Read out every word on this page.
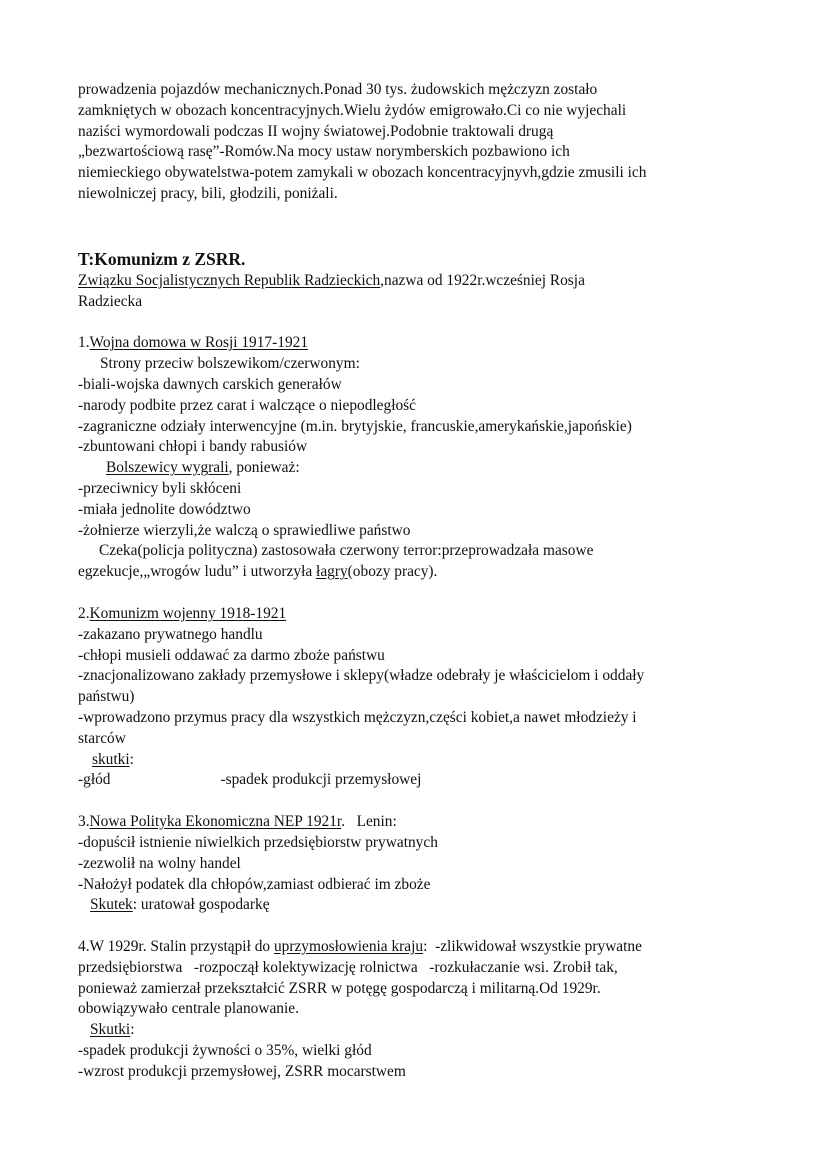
prowadzenia pojazdów mechanicznych.Ponad 30 tys. żudowskich mężczyzn zostało

zamkniętych w obozach koncentracyjnych.Wielu żydów emigrowało.Ci co nie wyjechali

naziści wymordowali podczas II wojny światowej.Podobnie traktowali drugą

„bezwartościową rasę”-Romów.Na mocy ustaw norymberskich pozbawiono ich

niemieckiego obywatelstwa-potem zamykali w obozach koncentracyjnyvh,gdzie zmusili ich

niewolniczej pracy, bili, głodzili, poniżali.

T:Komunizm z ZSRR.

Związku Socjalistycznych Republik Radzieckich,nazwa od 1922r.wcześniej Rosja

Radziecka

1.Wojna domowa w Rosji 1917-1921

Strony przeciw bolszewikom/czerwonym:

-biali-wojska dawnych carskich generałów

-narody podbite przez carat i walczące o niepodległość

-zagraniczne odziały interwencyjne (m.in. brytyjskie, francuskie,amerykańskie,japońskie)

-zbuntowani chłopi i bandy rabusiów

Bolszewicy wygrali, ponieważ:

-przeciwnicy byli skłóceni

-miała jednolite dowództwo

-żołnierze wierzyli,że walczą o sprawiedliwe państwo

Czeka(policja polityczna) zastosowała czerwony terror:przeprowadzała masowe

egzekucje,„wrogów ludu” i utworzyła łagry(obozy pracy).

2.Komunizm wojenny 1918-1921

-zakazano prywatnego handlu

-chłopi musieli oddawać za darmo zboże państwu

-znacjonalizowano zakłady przemysłowe i sklepy(władze odebrały je właścicielom i oddały

państwu)

-wprowadzono przymus pracy dla wszystkich mężczyzn,części kobiet,a nawet młodzieży i

starców

skutki:

-głód	-spadek produkcji przemysłowej

3.Nowa Polityka Ekonomiczna NEP 1921r.   Lenin:

-dopuścił istnienie niwielkich przedsiębiorstw prywatnych

-zezwolił na wolny handel

-Nałożył podatek dla chłopów,zamiast odbierać im zboże

Skutek: uratował gospodarkę

4.W 1929r. Stalin przystąpił do uprzymosłowienia kraju:  -zlikwidował wszystkie prywatne

przedsiębiorstwa   -rozpoczął kolektywizację rolnictwa   -rozkułaczanie wsi. Zrobił tak,

ponieważ zamierzał przekształcić ZSRR w potęgę gospodarczą i militarną.Od 1929r.

obowiązywało centrale planowanie.

Skutki:

-spadek produkcji żywności o 35%, wielki głód

-wzrost produkcji przemysłowej, ZSRR mocarstwem
